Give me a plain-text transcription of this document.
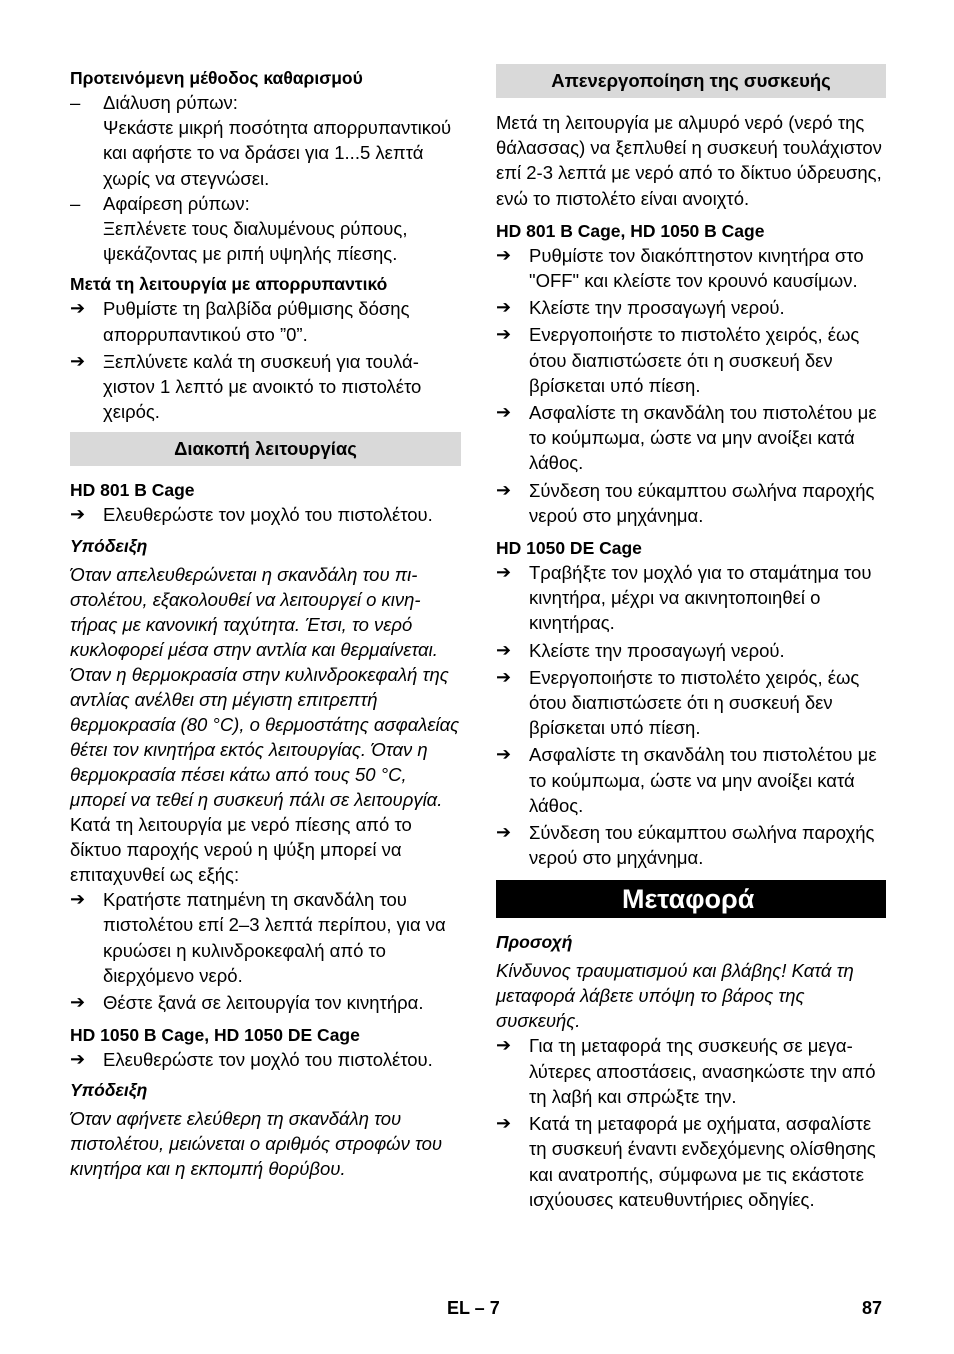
Προτεινόμενη μέθοδος καθαρισμού

–	Διάλυση ρύπων:

Ψεκάστε μικρή ποσότητα απορρυπαντικού και αφήστε το να δράσει για 1...5 λεπτά χωρίς να στεγνώσει.

–	Αφαίρεση ρύπων:

Ξεπλένετε τους διαλυμένους ρύπους, ψεκάζοντας με ριπή υψηλής πίεσης.

Μετά τη λειτουργία με απορρυπαντικό

➔ Ρυθμίστε τη βαλβίδα ρύθμισης δόσης απορρυπαντικού στο ”0”.

➔ Ξεπλύνετε καλά τη συσκευή για τουλάχιστον 1 λεπτό με ανοικτό το πιστολέτο χειρός.

Διακοπή λειτουργίας

HD 801 B Cage

➔ Ελευθερώστε τον μοχλό του πιστολέτου.

Υπόδειξη

Όταν απελευθερώνεται η σκανδάλη του πιστολέτου, εξακολουθεί να λειτουργεί ο κινητήρας με κανονική ταχύτητα. Έτσι, το νερό κυκλοφορεί μέσα στην αντλία και θερμαίνεται. Όταν η θερμοκρασία στην κυλινδροκεφαλή της αντλίας ανέλθει στη μέγιστη επιτρεπτή θερμοκρασία (80 °C), ο θερμοστάτης ασφαλείας θέτει τον κινητήρα εκτός λειτουργίας. Όταν η θερμοκρασία πέσει κάτω από τους 50 °C, μπορεί να τεθεί η συσκευή πάλι σε λειτουργία.

Κατά τη λειτουργία με νερό πίεσης από το δίκτυο παροχής νερού η ψύξη μπορεί να επιταχυνθεί ως εξής:

➔ Κρατήστε πατημένη τη σκανδάλη του πιστολέτου επί 2–3 λεπτά περίπου, για να κρυώσει η κυλινδροκεφαλή από το διερχόμενο νερό.

➔ Θέστε ξανά σε λειτουργία τον κινητήρα.

HD 1050 B Cage, HD 1050 DE Cage

➔ Ελευθερώστε τον μοχλό του πιστολέτου.

Υπόδειξη

Όταν αφήνετε ελεύθερη τη σκανδάλη του πιστολέτου, μειώνεται ο αριθμός στροφών του κινητήρα και η εκπομπή θορύβου.

Απενεργοποίηση της συσκευής

Μετά τη λειτουργία με αλμυρό νερό (νερό της θάλασσας) να ξεπλυθεί η συσκευή τουλάχιστον επί 2-3 λεπτά με νερό από το δίκτυο ύδρευσης, ενώ το πιστολέτο είναι ανοιχτό.

HD 801 B Cage, HD 1050 B Cage

➔ Ρυθμίστε τον διακόπτηστον κινητήρα στο "OFF" και κλείστε τον κρουνό καυσίμων.

➔ Κλείστε την προσαγωγή νερού.

➔ Ενεργοποιήστε το πιστολέτο χειρός, έως ότου διαπιστώσετε ότι η συσκευή δεν βρίσκεται υπό πίεση.

➔ Ασφαλίστε τη σκανδάλη του πιστολέτου με το κούμπωμα, ώστε να μην ανοίξει κατά λάθος.

➔ Σύνδεση του εύκαμπτου σωλήνα παροχής νερού στο μηχάνημα.

HD 1050 DE Cage

➔ Τραβήξτε τον μοχλό για το σταμάτημα του κινητήρα, μέχρι να ακινητοποιηθεί ο κινητήρας.

➔ Κλείστε την προσαγωγή νερού.

➔ Ενεργοποιήστε το πιστολέτο χειρός, έως ότου διαπιστώσετε ότι η συσκευή δεν βρίσκεται υπό πίεση.

➔ Ασφαλίστε τη σκανδάλη του πιστολέτου με το κούμπωμα, ώστε να μην ανοίξει κατά λάθος.

➔ Σύνδεση του εύκαμπτου σωλήνα παροχής νερού στο μηχάνημα.

Μεταφορά

Προσοχή

Κίνδυνος τραυματισμού και βλάβης! Κατά τη μεταφορά λάβετε υπόψη το βάρος της συσκευής.

➔ Για τη μεταφορά της συσκευής σε μεγαλύτερες αποστάσεις, ανασηκώστε την από τη λαβή και σπρώξτε την.

➔ Κατά τη μεταφορά με οχήματα, ασφαλίστε τη συσκευή έναντι ενδεχόμενης ολίσθησης και ανατροπής, σύμφωνα με τις εκάστοτε ισχύουσες κατευθυντήριες οδηγίες.

EL – 7	87
